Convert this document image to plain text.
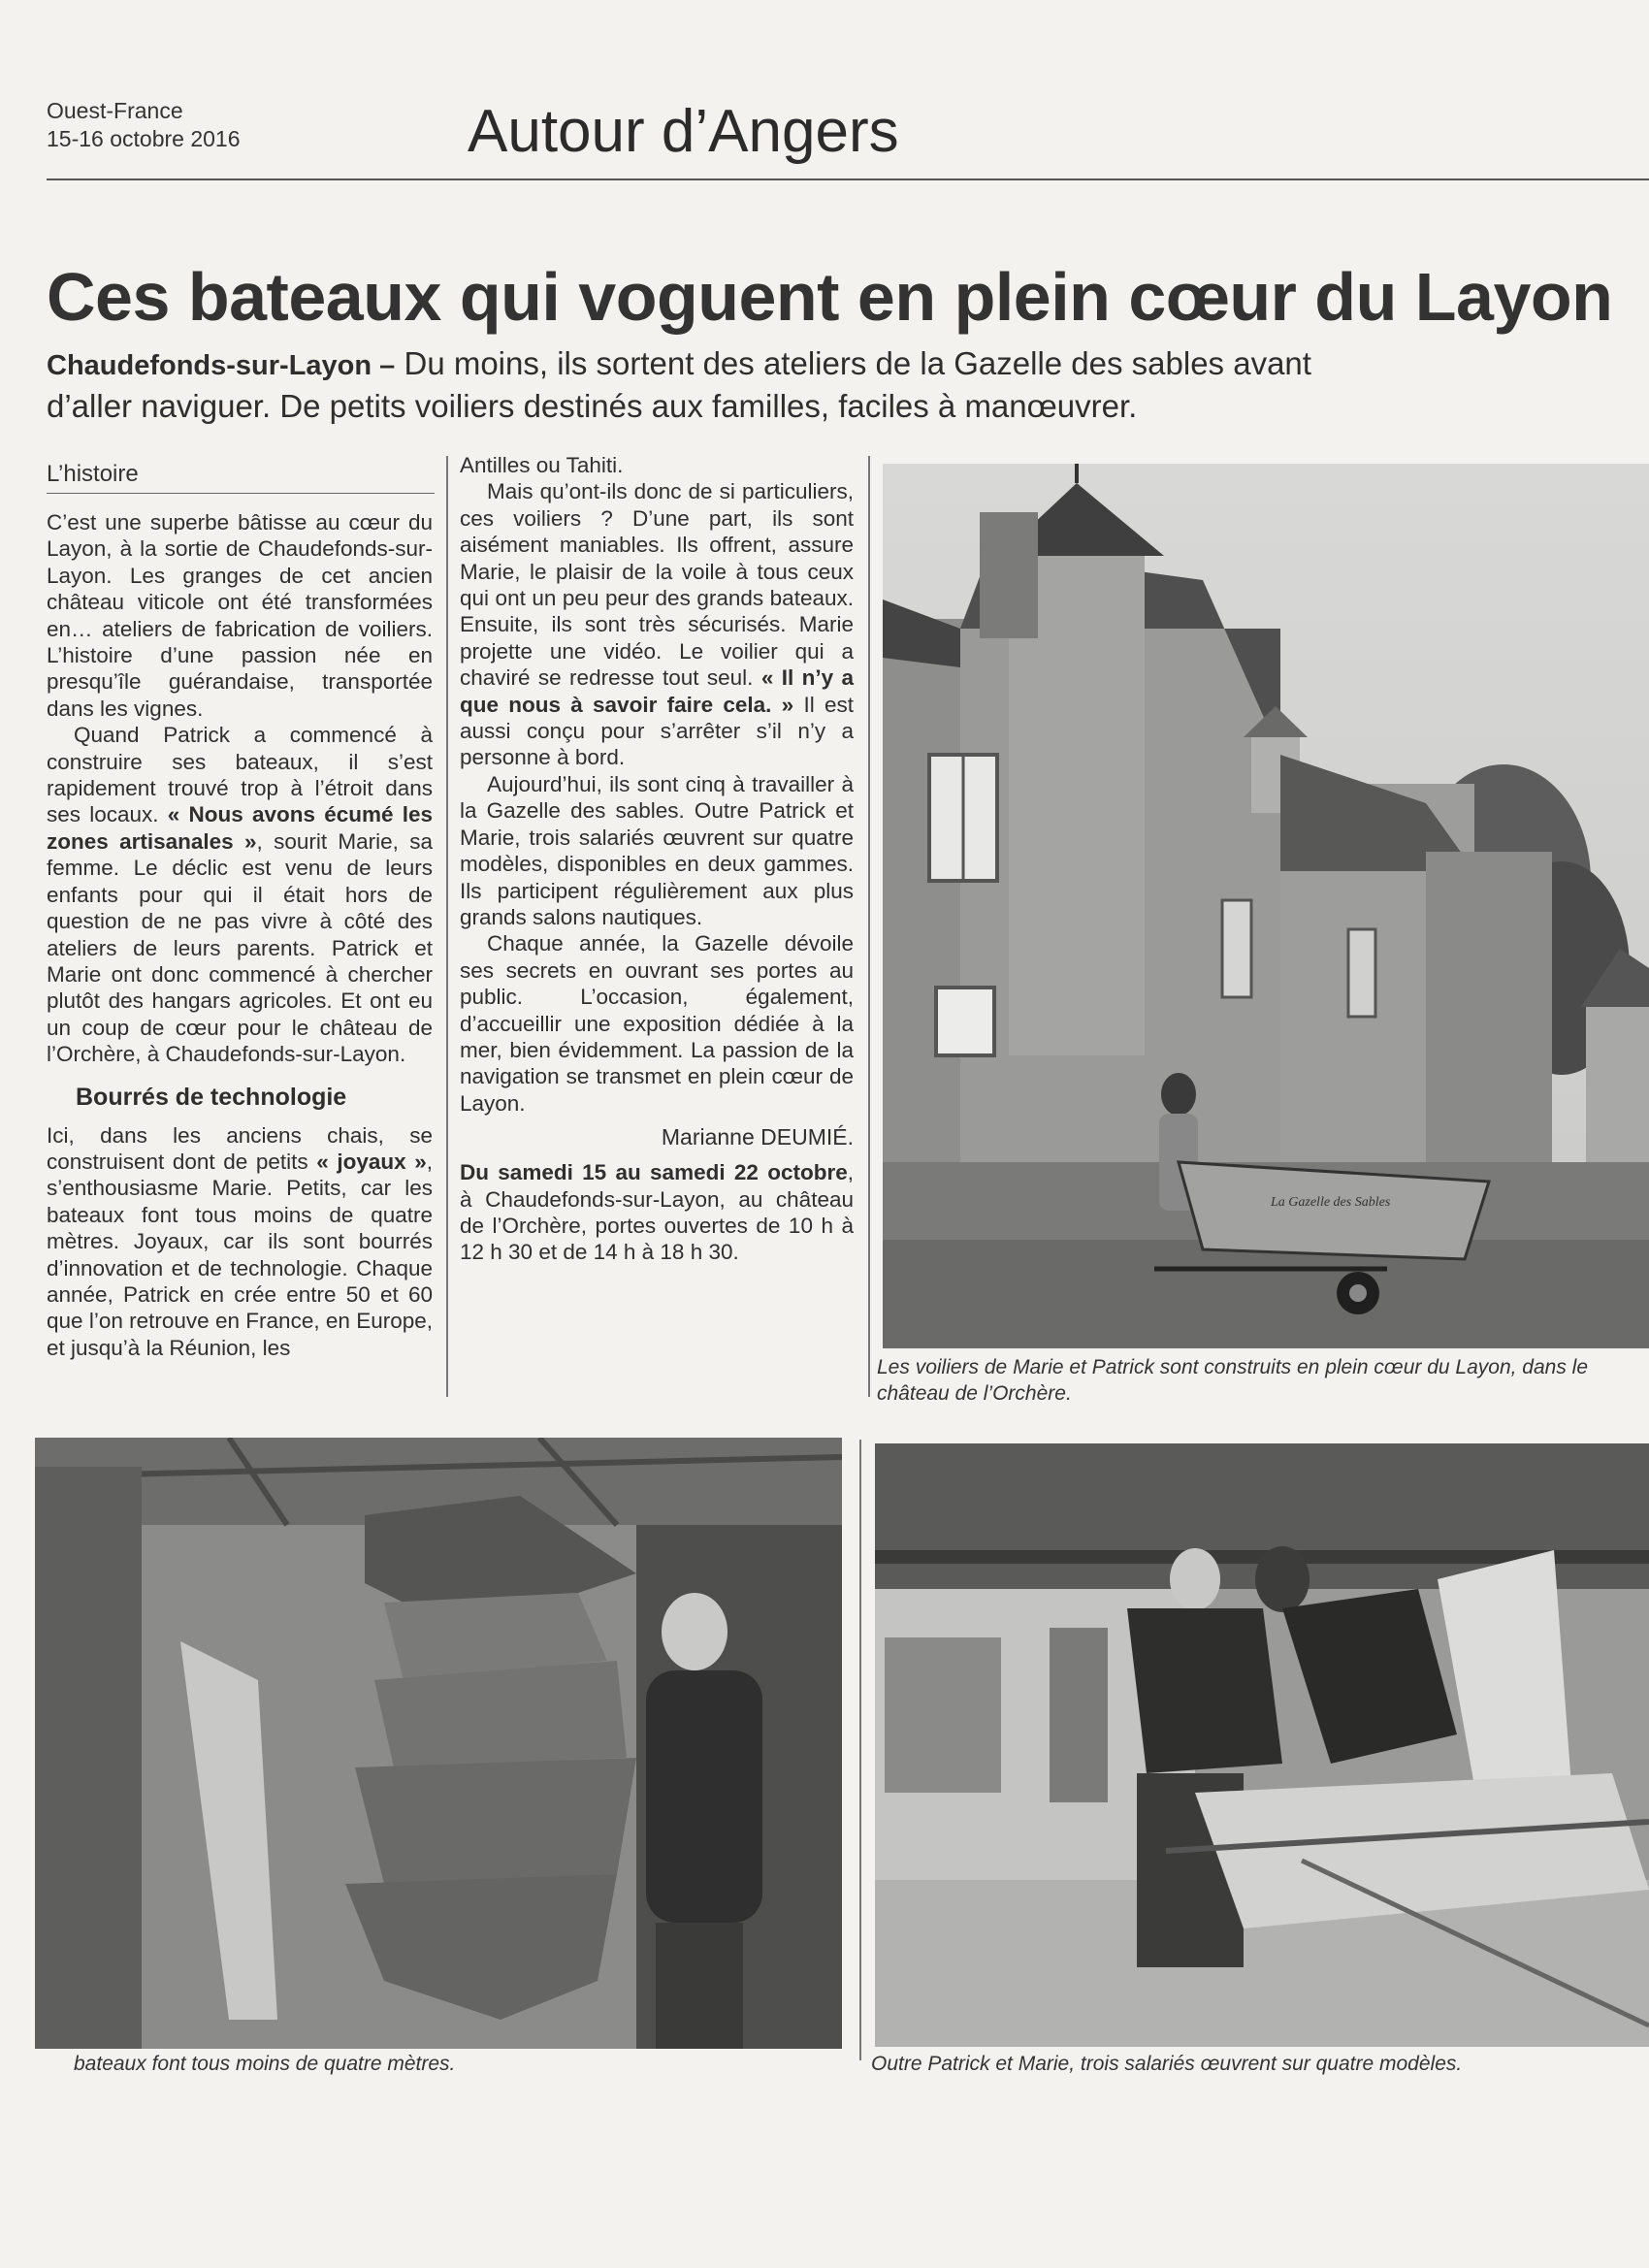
Ouest-France
15-16 octobre 2016	Autour d’Angers
Ces bateaux qui voguent en plein cœur du Layon
Chaudefonds-sur-Layon – Du moins, ils sortent des ateliers de la Gazelle des sables avant d’aller naviguer. De petits voiliers destinés aux familles, faciles à manœuvrer.
L’histoire

C’est une superbe bâtisse au cœur du Layon, à la sortie de Chaudefonds-sur-Layon. Les granges de cet ancien château viticole ont été transformées en… ateliers de fabrication de voiliers. L’histoire d’une passion née en presqu’île guérandaise, transportée dans les vignes.

Quand Patrick a commencé à construire ses bateaux, il s’est rapidement trouvé trop à l’étroit dans ses locaux. « Nous avons écumé les zones artisanales », sourit Marie, sa femme. Le déclic est venu de leurs enfants pour qui il était hors de question de ne pas vivre à côté des ateliers de leurs parents. Patrick et Marie ont donc commencé à chercher plutôt des hangars agricoles. Et ont eu un coup de cœur pour le château de l’Orchère, à Chaudefonds-sur-Layon.

Bourrés de technologie

Ici, dans les anciens chais, se construisent dont de petits « joyaux », s’enthousiasme Marie. Petits, car les bateaux font tous moins de quatre mètres. Joyaux, car ils sont bourrés d’innovation et de technologie. Chaque année, Patrick en crée entre 50 et 60 que l’on retrouve en France, en Europe, et jusqu’à la Réunion, les

Antilles ou Tahiti.

Mais qu’ont-ils donc de si particuliers, ces voiliers ? D’une part, ils sont aisément maniables. Ils offrent, assure Marie, le plaisir de la voile à tous ceux qui ont un peu peur des grands bateaux. Ensuite, ils sont très sécurisés. Marie projette une vidéo. Le voilier qui a chaviré se redresse tout seul. « Il n’y a que nous à savoir faire cela. » Il est aussi conçu pour s’arrêter s’il n’y a personne à bord.

Aujourd’hui, ils sont cinq à travailler à la Gazelle des sables. Outre Patrick et Marie, trois salariés œuvrent sur quatre modèles, disponibles en deux gammes. Ils participent régulièrement aux plus grands salons nautiques.

Chaque année, la Gazelle dévoile ses secrets en ouvrant ses portes au public. L’occasion, également, d’accueillir une exposition dédiée à la mer, bien évidemment. La passion de la navigation se transmet en plein cœur de Layon.

Marianne DEUMIÉ.

Du samedi 15 au samedi 22 octobre, à Chaudefonds-sur-Layon, au château de l’Orchère, portes ouvertes de 10 h à 12 h 30 et de 14 h à 18 h 30.

La Gazelle des Sables
Les voiliers de Marie et Patrick sont construits en plein cœur du Layon, dans le château de l’Orchère.
bateaux font tous moins de quatre mètres.	Outre Patrick et Marie, trois salariés œuvrent sur quatre modèles.
